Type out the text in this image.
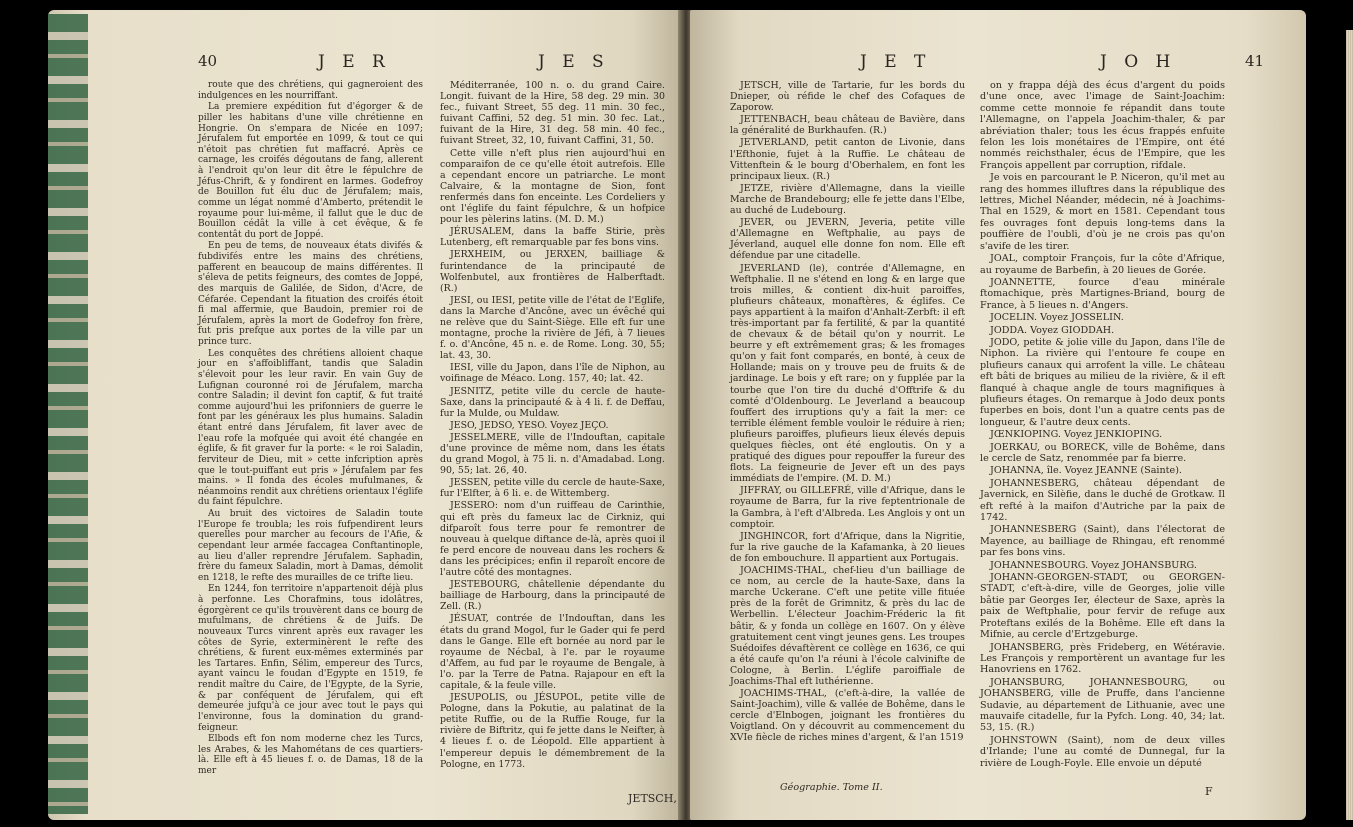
40	J E R	J E S

route que des chrétiens, qui gagneroient des indulgences en les nourriffant.

La premiere expédition fut d'égorger & de piller les habitans d'une ville chrétienne en Hongrie. On s'empara de Nicée en 1097; Jérufalem fut emportée en 1099, & tout ce qui n'étoit pas chrétien fut maffacré. Après ce carnage, les croifés dégoutans de fang, allerent à l'endroit qu'on leur dit être le fépulchre de Jéfus-Chrift, & y fondirent en larmes. Godefroy de Bouillon fut élu duc de Jérufalem; mais, comme un légat nommé d'Amberto, prétendit le royaume pour lui-même, il fallut que le duc de Bouillon cédât la ville à cet évêque, & fe contentât du port de Joppé.

En peu de tems, de nouveaux états divifés & fubdivifés entre les mains des chrétiens, pafferent en beaucoup de mains différentes. Il s'éleva de petits feigneurs, des comtes de Joppé, des marquis de Galilée, de Sidon, d'Acre, de Céfarée. Cependant la fituation des croifés étoit fi mal affermie, que Baudoin, premier roi de Jérufalem, après la mort de Godefroy fon frère, fut pris prefque aux portes de la ville par un prince turc.

Les conquêtes des chrétiens alloient chaque jour en s'affoibliffant, tandis que Saladin s'élevoit pour les leur ravir. En vain Guy de Lufignan couronné roi de Jérufalem, marcha contre Saladin; il devint fon captif, & fut traité comme aujourd'hui les prifonniers de guerre le font par les généraux les plus humains. Saladin étant entré dans Jérufalem, fit laver avec de l'eau rofe la mofquée qui avoit été changée en églife, & fit graver fur la porte: « le roi Saladin, ferviteur de Dieu, mit » cette infcription après que le tout-puiffant eut pris » Jérufalem par fes mains. » Il fonda des écoles mufulmanes, & néanmoins rendit aux chrétiens orientaux l'églife du faint fépulchre.

Au bruit des victoires de Saladin toute l'Europe fe troubla; les rois fufpendirent leurs querelles pour marcher au fecours de l'Afie, & cependant leur armée faccagea Conftantinople, au lieu d'aller reprendre Jérufalem. Saphadin, frère du fameux Saladin, mort à Damas, démolit en 1218, le refte des murailles de ce trifte lieu.

En 1244, fon territoire n'appartenoit déjà plus à perfonne. Les Chorafmins, tous idolâtres, égorgèrent ce qu'ils trouvèrent dans ce bourg de mufulmans, de chrétiens & de Juifs. De nouveaux Turcs vinrent après eux ravager les côtes de Syrie, exterminèrent le refte des chrétiens, & furent eux-mêmes exterminés par les Tartares. Enfin, Sélim, empereur des Turcs, ayant vaincu le foudan d'Egypte en 1519, fe rendit maître du Caire, de l'Egypte, de la Syrie, & par conféquent de Jérufalem, qui eft demeurée jufqu'à ce jour avec tout le pays qui l'environne, fous la domination du grand-feigneur.

Elbods eft fon nom moderne chez les Turcs, les Arabes, & les Mahométans de ces quartiers-là. Elle eft à 45 lieues f. o. de Damas, 18 de la mer

Méditerranée, 100 n. o. du grand Caire. Longit. fuivant de la Hire, 58 deg. 29 min. 30 fec., fuivant Street, 55 deg. 11 min. 30 fec., fuivant Caffini, 52 deg. 51 min. 30 fec. Lat., fuivant de la Hire, 31 deg. 58 min. 40 fec., fuivant Street, 32, 10, fuivant Caffini, 31, 50.

Cette ville n'eft plus rien aujourd'hui en comparaifon de ce qu'elle étoit autrefois. Elle a cependant encore un patriarche. Le mont Calvaire, & la montagne de Sion, font renfermés dans fon enceinte. Les Cordeliers y ont l'églife du faint fépulchre, & un hofpice pour les pèlerins latins. (M. D. M.)

JÉRUSALEM, dans la baffe Stirie, près Lutenberg, eft remarquable par fes bons vins.

JERXHEIM, ou JERXEN, bailliage & furintendance de la principauté de Wolfenbutel, aux frontières de Halberftadt. (R.)

JESI, ou IESI, petite ville de l'état de l'Eglife, dans la Marche d'Ancône, avec un évêché qui ne relève que du Saint-Siège. Elle eft fur une montagne, proche la rivière de Jéfi, à 7 lieues f. o. d'Ancône, 45 n. e. de Rome. Long. 30, 55; lat. 43, 30.

IESI, ville du Japon, dans l'île de Niphon, au voifinage de Méaco. Long. 157, 40; lat. 42.

JESNITZ, petite ville du cercle de haute-Saxe, dans la principauté & à 4 li. f. de Deffau, fur la Mulde, ou Muldaw.

JESO, JEDSO, YESO. Voyez JEÇO.

JESSELMERE, ville de l'Indouftan, capitale d'une province de même nom, dans les états du grand Mogol, à 75 li. n. d'Amadabad. Long. 90, 55; lat. 26, 40.

JESSEN, petite ville du cercle de haute-Saxe, fur l'Elfter, à 6 li. e. de Wittemberg.

JESSERO: nom d'un ruiffeau de Carinthie, qui eft près du fameux lac de Cirkniz, qui difparoît fous terre pour fe remontrer de nouveau à quelque diftance de-là, après quoi il fe perd encore de nouveau dans les rochers & dans les précipices; enfin il reparoît encore de l'autre côté des montagnes.

JESTEBOURG, châtellenie dépendante du bailliage de Harbourg, dans la principauté de Zell. (R.)

JÉSUAT, contrée de l'Indouftan, dans les états du grand Mogol, fur le Gader qui fe perd dans le Gange. Elle eft bornée au nord par le royaume de Nécbal, à l'e. par le royaume d'Affem, au fud par le royaume de Bengale, à l'o. par la Terre de Patna. Rajapour en eft la capitale, & la feule ville.

JESUPOLIS, ou JÉSUPOL, petite ville de Pologne, dans la Pokutie, au palatinat de la petite Ruffie, ou de la Ruffie Rouge, fur la rivière de Biftritz, qui fe jette dans le Neifter, à 4 lieues f. o. de Léopold. Elle appartient à l'empereur depuis le démembrement de la Pologne, en 1773.

JETSCH,
J E T	J O H	41

JETSCH, ville de Tartarie, fur les bords du Dnieper, où réfide le chef des Cofaques de Zaporow.

JETTENBACH, beau château de Bavière, dans la généralité de Burkhaufen. (R.)

JETVERLAND, petit canton de Livonie, dans l'Efthonie, fujet à la Ruffie. Le château de Vittenftein & le bourg d'Oberhalem, en font les principaux lieux. (R.)

JETZE, rivière d'Allemagne, dans la vieille Marche de Brandebourg; elle fe jette dans l'Elbe, au duché de Ludebourg.

JEVER, ou JEVERN, Jeveria, petite ville d'Allemagne en Weftphalie, au pays de Jéverland, auquel elle donne fon nom. Elle eft défendue par une citadelle.

JEVERLAND (le), contrée d'Allemagne, en Weftphalie. Il ne s'étend en long & en large que trois milles, & contient dix-huit paroiffes, plufieurs châteaux, monaftères, & églifes. Ce pays appartient à la maifon d'Anhalt-Zerbft: il eft très-important par fa fertilité, & par la quantité de chevaux & de bétail qu'on y nourrit. Le beurre y eft extrêmement gras; & les fromages qu'on y fait font comparés, en bonté, à ceux de Hollande; mais on y trouve peu de fruits & de jardinage. Le bois y eft rare; on y fupplée par la tourbe que l'on tire du duché d'Offtrife & du comté d'Oldenbourg. Le Jeverland a beaucoup fouffert des irruptions qu'y a fait la mer: ce terrible élément femble vouloir le réduire à rien; plufieurs paroiffes, plufieurs lieux élevés depuis quelques fiècles, ont été engloutis. On y a pratiqué des digues pour repouffer la fureur des flots. La feigneurie de Jever eft un des pays immédiats de l'empire. (M. D. M.)

JIFFRAY, ou GILLEFRÉ, ville d'Afrique, dans le royaume de Barra, fur la rive feptentrionale de la Gambra, à l'eft d'Albreda. Les Anglois y ont un comptoir.

JINGHINCOR, fort d'Afrique, dans la Nigritie, fur la rive gauche de la Kafamanka, à 20 lieues de fon embouchure. Il appartient aux Portugais.

JOACHIMS-THAL, chef-lieu d'un bailliage de ce nom, au cercle de la haute-Saxe, dans la marche Uckerane. C'eft une petite ville fituée près de la forêt de Grimnitz, & près du lac de Werbellin. L'électeur Joachim-Fréderic la fit bâtir, & y fonda un collège en 1607. On y élève gratuitement cent vingt jeunes gens. Les troupes Suédoifes dévaftèrent ce collège en 1636, ce qui a été caufe qu'on l'a réuni à l'école calvinifte de Cologne, à Berlin. L'églife paroiffiale de Joachims-Thal eft luthérienne.

JOACHIMS-THAL, (c'eft-à-dire, la vallée de Saint-Joachim), ville & vallée de Bohême, dans le cercle d'Elnbogen, joignant les frontières du Voigtland. On y découvrit au commencement du XVIe fiècle de riches mines d'argent, & l'an 1519

on y frappa déjà des écus d'argent du poids d'une once, avec l'image de Saint-Joachim: comme cette monnoie fe répandit dans toute l'Allemagne, on l'appela Joachim-thaler, & par abréviation thaler; tous les écus frappés enfuite felon les lois monétaires de l'Empire, ont été nommés reichsthaler, écus de l'Empire, que les François appellent par corruption, rifdale.

Je vois en parcourant le P. Niceron, qu'il met au rang des hommes illuftres dans la république des lettres, Michel Néander, médecin, né à Joachims-Thal en 1529, & mort en 1581. Cependant tous fes ouvrages font depuis long-tems dans la pouffière de l'oubli, d'où je ne crois pas qu'on s'avife de les tirer.

JOAL, comptoir François, fur la côte d'Afrique, au royaume de Barbefin, à 20 lieues de Gorée.

JOANNETTE, fource d'eau minérale ftomachique, près Martignes-Briand, bourg de France, à 5 lieues n. d'Angers.

JOCELIN. Voyez JOSSELIN.

JODDA. Voyez GIODDAH.

JODO, petite & jolie ville du Japon, dans l'île de Niphon. La rivière qui l'entoure fe coupe en plufieurs canaux qui arrofent la ville. Le château eft bâti de briques au milieu de la rivière, & il eft flanqué à chaque angle de tours magnifiques à plufieurs étages. On remarque à Jodo deux ponts fuperbes en bois, dont l'un a quatre cents pas de longueur, & l'autre deux cents.

JŒNKIOPING. Voyez JENKIOPING.

JOERKAU, ou BORECK, ville de Bohême, dans le cercle de Satz, renommée par fa bierre.

JOHANNA, île. Voyez JEANNE (Sainte).

JOHANNESBERG, château dépendant de Javernick, en Silèfie, dans le duché de Grotkaw. Il eft refté à la maifon d'Autriche par la paix de 1742.

JOHANNESBERG (Saint), dans l'électorat de Mayence, au bailliage de Rhingau, eft renommé par fes bons vins.

JOHANNESBOURG. Voyez JOHANSBURG.

JOHANN-GEORGEN-STADT, ou GEORGEN-STADT, c'eft-à-dire, ville de Georges, jolie ville bâtie par Georges Ier, électeur de Saxe, après la paix de Weftphalie, pour fervir de refuge aux Proteftans exilés de la Bohême. Elle eft dans la Mifnie, au cercle d'Ertzgeburge.

JOHANSBERG, près Frideberg, en Wétéravie. Les François y remportèrent un avantage fur les Hanovriens en 1762.

JOHANSBURG, JOHANNESBOURG, ou JOHANSBERG, ville de Pruffe, dans l'ancienne Sudavie, au département de Lithuanie, avec une mauvaife citadelle, fur la Pyfch. Long. 40, 34; lat. 53, 15. (R.)

JOHNSTOWN (Saint), nom de deux villes d'Irlande; l'une au comté de Dunnegal, fur la rivière de Lough-Foyle. Elle envoie un député

Géographie. Tome II.	F
